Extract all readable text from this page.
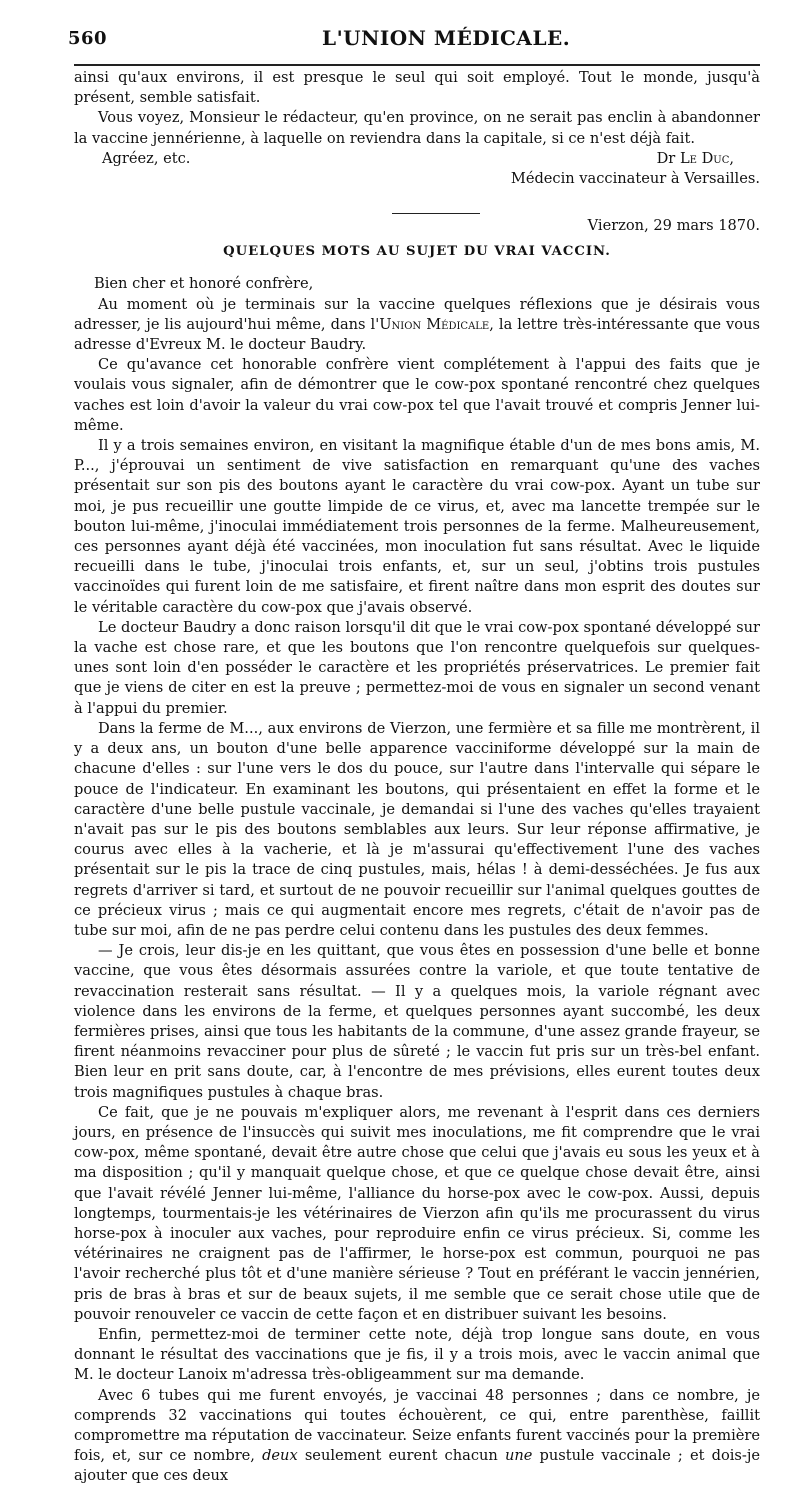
560	L'UNION MÉDICALE.

ainsi qu'aux environs, il est presque le seul qui soit employé. Tout le monde, jusqu'à présent, semble satisfait.

Vous voyez, Monsieur le rédacteur, qu'en province, on ne serait pas enclin à abandonner la vaccine jennérienne, à laquelle on reviendra dans la capitale, si ce n'est déjà fait.

Agréez, etc.	Dr Le Duc,
Médecin vaccinateur à Versailles.
Vierzon, 29 mars 1870.
QUELQUES MOTS AU SUJET DU VRAI VACCIN.

Bien cher et honoré confrère,

Au moment où je terminais sur la vaccine quelques réflexions que je désirais vous adresser, je lis aujourd'hui même, dans l'Union Médicale, la lettre très-intéressante que vous adresse d'Evreux M. le docteur Baudry.

Ce qu'avance cet honorable confrère vient complétement à l'appui des faits que je voulais vous signaler, afin de démontrer que le cow-pox spontané rencontré chez quelques vaches est loin d'avoir la valeur du vrai cow-pox tel que l'avait trouvé et compris Jenner lui-même.

Il y a trois semaines environ, en visitant la magnifique étable d'un de mes bons amis, M. P..., j'éprouvai un sentiment de vive satisfaction en remarquant qu'une des vaches présentait sur son pis des boutons ayant le caractère du vrai cow-pox. Ayant un tube sur moi, je pus recueillir une goutte limpide de ce virus, et, avec ma lancette trempée sur le bouton lui-même, j'inoculai immédiatement trois personnes de la ferme. Malheureusement, ces personnes ayant déjà été vaccinées, mon inoculation fut sans résultat. Avec le liquide recueilli dans le tube, j'inoculai trois enfants, et, sur un seul, j'obtins trois pustules vaccinoïdes qui furent loin de me satisfaire, et firent naître dans mon esprit des doutes sur le véritable caractère du cow-pox que j'avais observé.

Le docteur Baudry a donc raison lorsqu'il dit que le vrai cow-pox spontané développé sur la vache est chose rare, et que les boutons que l'on rencontre quelquefois sur quelques-unes sont loin d'en posséder le caractère et les propriétés préservatrices. Le premier fait que je viens de citer en est la preuve ; permettez-moi de vous en signaler un second venant à l'appui du premier.

Dans la ferme de M..., aux environs de Vierzon, une fermière et sa fille me montrèrent, il y a deux ans, un bouton d'une belle apparence vacciniforme développé sur la main de chacune d'elles : sur l'une vers le dos du pouce, sur l'autre dans l'intervalle qui sépare le pouce de l'indicateur. En examinant les boutons, qui présentaient en effet la forme et le caractère d'une belle pustule vaccinale, je demandai si l'une des vaches qu'elles trayaient n'avait pas sur le pis des boutons semblables aux leurs. Sur leur réponse affirmative, je courus avec elles à la vacherie, et là je m'assurai qu'effectivement l'une des vaches présentait sur le pis la trace de cinq pustules, mais, hélas ! à demi-desséchées. Je fus aux regrets d'arriver si tard, et surtout de ne pouvoir recueillir sur l'animal quelques gouttes de ce précieux virus ; mais ce qui augmentait encore mes regrets, c'était de n'avoir pas de tube sur moi, afin de ne pas perdre celui contenu dans les pustules des deux femmes.

— Je crois, leur dis-je en les quittant, que vous êtes en possession d'une belle et bonne vaccine, que vous êtes désormais assurées contre la variole, et que toute tentative de revaccination resterait sans résultat. — Il y a quelques mois, la variole régnant avec violence dans les environs de la ferme, et quelques personnes ayant succombé, les deux fermières prises, ainsi que tous les habitants de la commune, d'une assez grande frayeur, se firent néanmoins revacciner pour plus de sûreté ; le vaccin fut pris sur un très-bel enfant. Bien leur en prit sans doute, car, à l'encontre de mes prévisions, elles eurent toutes deux trois magnifiques pustules à chaque bras.

Ce fait, que je ne pouvais m'expliquer alors, me revenant à l'esprit dans ces derniers jours, en présence de l'insuccès qui suivit mes inoculations, me fit comprendre que le vrai cow-pox, même spontané, devait être autre chose que celui que j'avais eu sous les yeux et à ma disposition ; qu'il y manquait quelque chose, et que ce quelque chose devait être, ainsi que l'avait révélé Jenner lui-même, l'alliance du horse-pox avec le cow-pox. Aussi, depuis longtemps, tourmentais-je les vétérinaires de Vierzon afin qu'ils me procurassent du virus horse-pox à inoculer aux vaches, pour reproduire enfin ce virus précieux. Si, comme les vétérinaires ne craignent pas de l'affirmer, le horse-pox est commun, pourquoi ne pas l'avoir recherché plus tôt et d'une manière sérieuse ? Tout en préférant le vaccin jennérien, pris de bras à bras et sur de beaux sujets, il me semble que ce serait chose utile que de pouvoir renouveler ce vaccin de cette façon et en distribuer suivant les besoins.

Enfin, permettez-moi de terminer cette note, déjà trop longue sans doute, en vous donnant le résultat des vaccinations que je fis, il y a trois mois, avec le vaccin animal que M. le docteur Lanoix m'adressa très-obligeamment sur ma demande.

Avec 6 tubes qui me furent envoyés, je vaccinai 48 personnes ; dans ce nombre, je comprends 32 vaccinations qui toutes échouèrent, ce qui, entre parenthèse, faillit compromettre ma réputation de vaccinateur. Seize enfants furent vaccinés pour la première fois, et, sur ce nombre, deux seulement eurent chacun une pustule vaccinale ; et dois-je ajouter que ces deux
